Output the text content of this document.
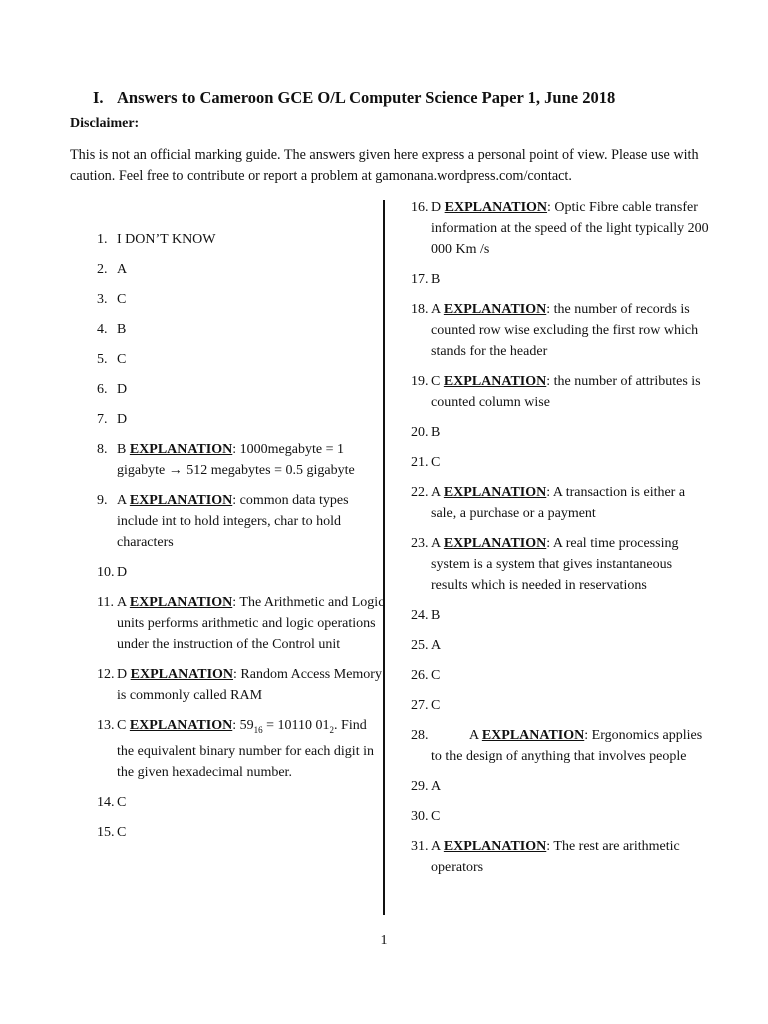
I. Answers to Cameroon GCE O/L Computer Science Paper 1, June 2018
Disclaimer:
This is not an official marking guide. The answers given here express a personal point of view. Please use with caution. Feel free to contribute or report a problem at gamonana.wordpress.com/contact.
1. I DON’T KNOW
2. A
3. C
4. B
5. C
6. D
7. D
8. B EXPLANATION: 1000megabyte = 1 gigabyte → 512 megabytes = 0.5 gigabyte
9. A EXPLANATION: common data types include int to hold integers, char to hold characters
10. D
11. A EXPLANATION: The Arithmetic and Logic units performs arithmetic and logic operations under the instruction of the Control unit
12. D EXPLANATION: Random Access Memory is commonly called RAM
13. C EXPLANATION: $59_{16} = 10110$ $01_2$. Find the equivalent binary number for each digit in the given hexadecimal number.
14. C
15. C
16. D EXPLANATION: Optic Fibre cable transfer information at the speed of the light typically 200 000 Km /s
17. B
18. A EXPLANATION: the number of records is counted row wise excluding the first row which stands for the header
19. C EXPLANATION: the number of attributes is counted column wise
20. B
21. C
22. A EXPLANATION: A transaction is either a sale, a purchase or a payment
23. A EXPLANATION: A real time processing system is a system that gives instantaneous results which is needed in reservations
24. B
25. A
26. C
27. C
28.	A EXPLANATION: Ergonomics applies to the design of anything that involves people
29. A
30. C
31. A EXPLANATION: The rest are arithmetic operators
1
